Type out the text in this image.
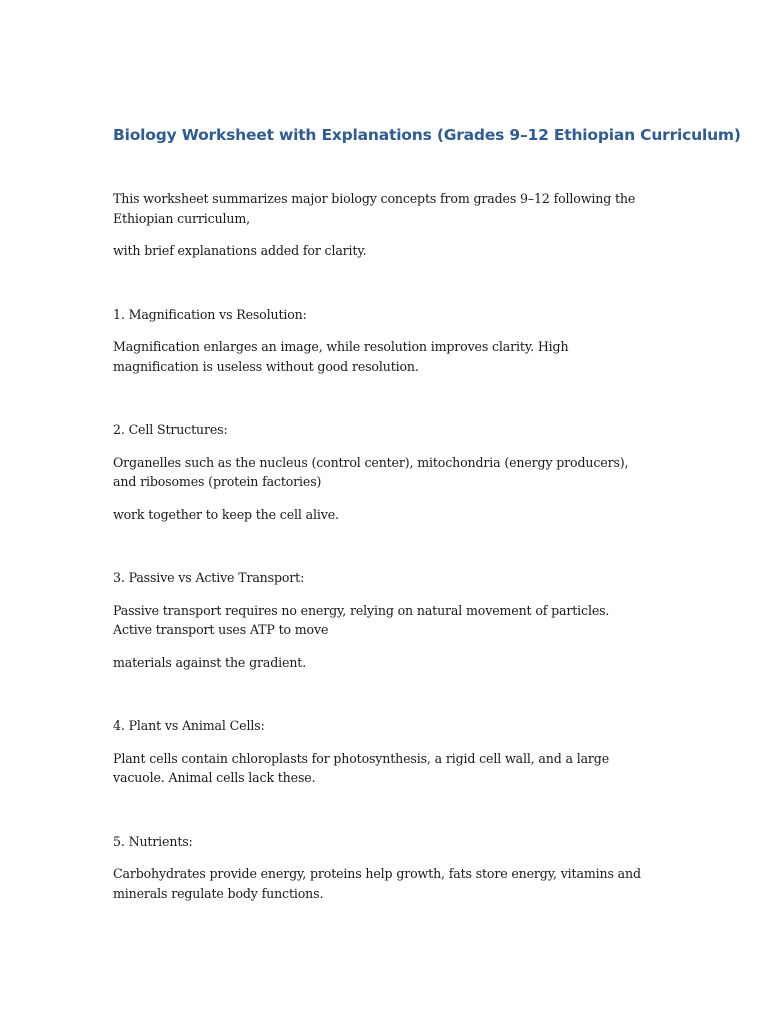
Biology Worksheet with Explanations (Grades 9–12 Ethiopian Curriculum)

This worksheet summarizes major biology concepts from grades 9–12 following the Ethiopian curriculum,

with brief explanations added for clarity.

1. Magnification vs Resolution:

Magnification enlarges an image, while resolution improves clarity. High magnification is useless without good resolution.

2. Cell Structures:

Organelles such as the nucleus (control center), mitochondria (energy producers), and ribosomes (protein factories)

work together to keep the cell alive.

3. Passive vs Active Transport:

Passive transport requires no energy, relying on natural movement of particles. Active transport uses ATP to move

materials against the gradient.

4. Plant vs Animal Cells:

Plant cells contain chloroplasts for photosynthesis, a rigid cell wall, and a large vacuole. Animal cells lack these.

5. Nutrients:

Carbohydrates provide energy, proteins help growth, fats store energy, vitamins and minerals regulate body functions.
